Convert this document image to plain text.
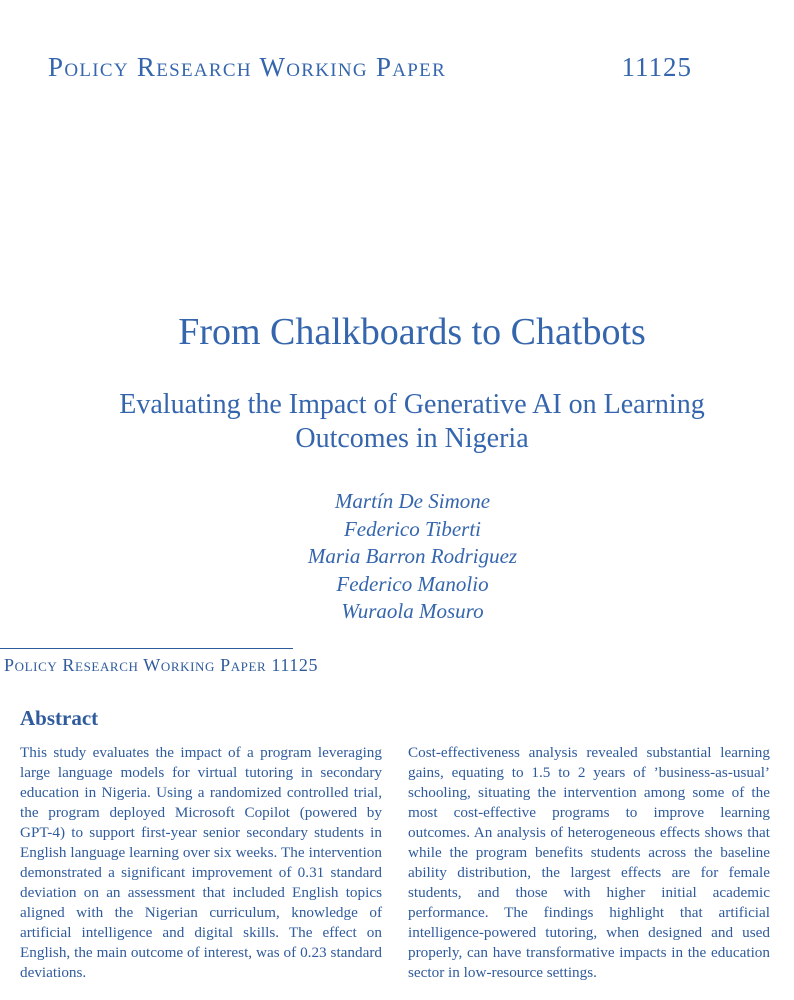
Policy Research Working Paper	11125
From Chalkboards to Chatbots
Evaluating the Impact of Generative AI on Learning Outcomes in Nigeria
Martín De Simone
Federico Tiberti
Maria Barron Rodriguez
Federico Manolio
Wuraola Mosuro
Policy Research Working Paper 11125
Abstract

This study evaluates the impact of a program leveraging large language models for virtual tutoring in secondary education in Nigeria. Using a randomized controlled trial, the program deployed Microsoft Copilot (powered by GPT-4) to support first-year senior secondary students in English language learning over six weeks. The intervention demonstrated a significant improvement of 0.31 standard deviation on an assessment that included English topics aligned with the Nigerian curriculum, knowledge of artificial intelligence and digital skills. The effect on English, the main outcome of interest, was of 0.23 standard deviations.

Cost-effectiveness analysis revealed substantial learning gains, equating to 1.5 to 2 years of ’business-as-usual’ schooling, situating the intervention among some of the most cost-effective programs to improve learning outcomes. An analysis of heterogeneous effects shows that while the program benefits students across the baseline ability distribution, the largest effects are for female students, and those with higher initial academic performance. The findings highlight that artificial intelligence-powered tutoring, when designed and used properly, can have transformative impacts in the education sector in low-resource settings.
